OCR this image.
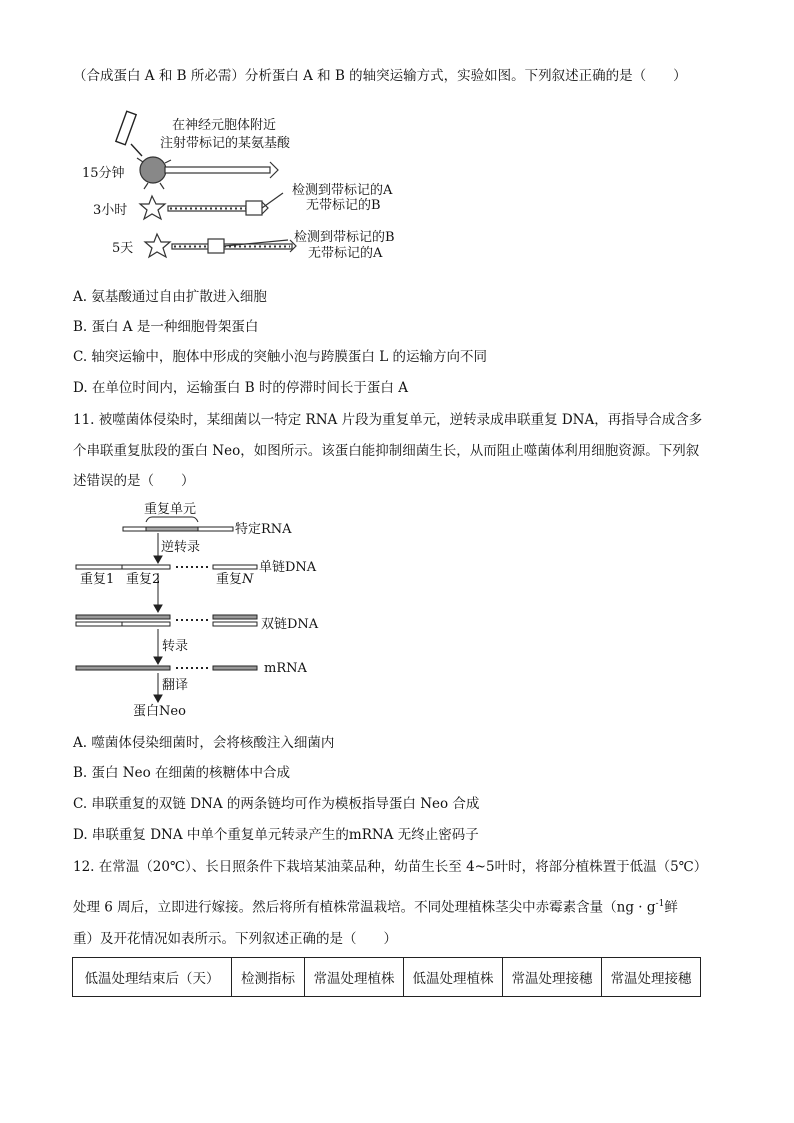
（合成蛋白 A 和 B 所必需）分析蛋白 A 和 B 的轴突运输方式，实验如图。下列叙述正确的是（　　）
在神经元胞体附近
注射带标记的某氨基酸
15分钟
3小时
5天
检测到带标记的A
无带标记的B
检测到带标记的B
无带标记的A
A. 氨基酸通过自由扩散进入细胞
B. 蛋白 A 是一种细胞骨架蛋白
C. 轴突运输中，胞体中形成的突触小泡与跨膜蛋白 L 的运输方向不同
D. 在单位时间内，运输蛋白 B 时的停滞时间长于蛋白 A
11. 被噬菌体侵染时，某细菌以一特定 RNA 片段为重复单元，逆转录成串联重复 DNA，再指导合成含多
个串联重复肽段的蛋白 Neo，如图所示。该蛋白能抑制细菌生长，从而阻止噬菌体利用细胞资源。下列叙
述错误的是（　　）
重复单元
特定RNA
逆转录
单链DNA
重复1 重复2	重复N
双链DNA
转录
mRNA
翻译
蛋白Neo
A. 噬菌体侵染细菌时，会将核酸注入细菌内
B. 蛋白 Neo 在细菌的核糖体中合成
C. 串联重复的双链 DNA 的两条链均可作为模板指导蛋白 Neo 合成
D. 串联重复 DNA 中单个重复单元转录产生的mRNA 无终止密码子
12. 在常温（20℃）、长日照条件下栽培某油菜品种，幼苗生长至 4~5叶时，将部分植株置于低温（5℃）
处理 6 周后，立即进行嫁接。然后将所有植株常温栽培。不同处理植株茎尖中赤霉素含量（$ng \cdot g^{-1}$鲜
重）及开花情况如表所示。下列叙述正确的是（　　）
低温处理结束后（天）	检测指标	常温处理植株	低温处理植株	常温处理接穗	常温处理接穗
